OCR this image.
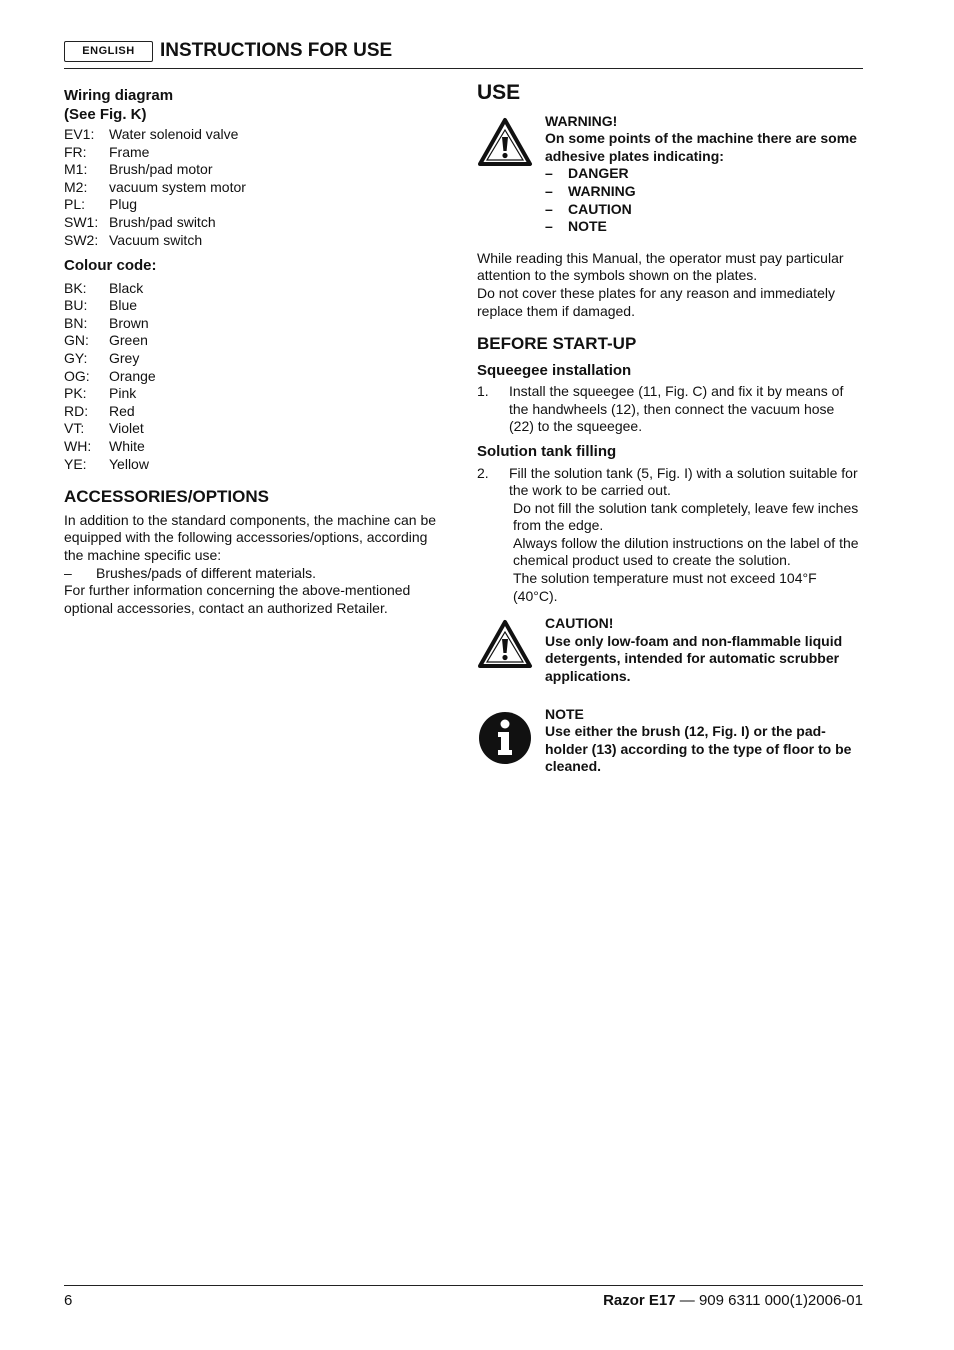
ENGLISH	INSTRUCTIONS FOR USE
Wiring diagram
(See Fig. K)
EV1:	Water solenoid valve
FR:	Frame
M1:	Brush/pad motor
M2:	vacuum system motor
PL:	Plug
SW1: Brush/pad switch
SW2: Vacuum switch
Colour code:
BK:	Black
BU:	Blue
BN:	Brown
GN:	Green
GY:	Grey
OG:	Orange
PK:	Pink
RD:	Red
VT:	Violet
WH:	White
YE:	Yellow
ACCESSORIES/OPTIONS

In addition to the standard components, the machine can be equipped with the following accessories/options, according the machine specific use:

–	Brushes/pads of different materials.

For further information concerning the above-mentioned optional accessories, contact an authorized Retailer.

USE
WARNING!
On some points of the machine there are some adhesive plates indicating:
–	DANGER
–	WARNING
–	CAUTION
–	NOTE

While reading this Manual, the operator must pay particular attention to the symbols shown on the plates.

Do not cover these plates for any reason and immediately replace them if damaged.

BEFORE START-UP
Squeegee installation
1.	Install the squeegee (11, Fig. C) and fix it by means of the handwheels (12), then connect the vacuum hose (22) to the squeegee.
Solution tank filling
2.	Fill the solution tank (5, Fig. I) with a solution suitable for the work to be carried out.
Do not fill the solution tank completely, leave few inches from the edge.
Always follow the dilution instructions on the label of the chemical product used to create the solution.
The solution temperature must not exceed 104°F (40°C).
CAUTION!
Use only low-foam and non-flammable liquid detergents, intended for automatic scrubber applications.
NOTE
Use either the brush (12, Fig. I) or the pad-holder (13) according to the type of floor to be cleaned.
6	Razor E17 — 909 6311 000(1)2006-01
